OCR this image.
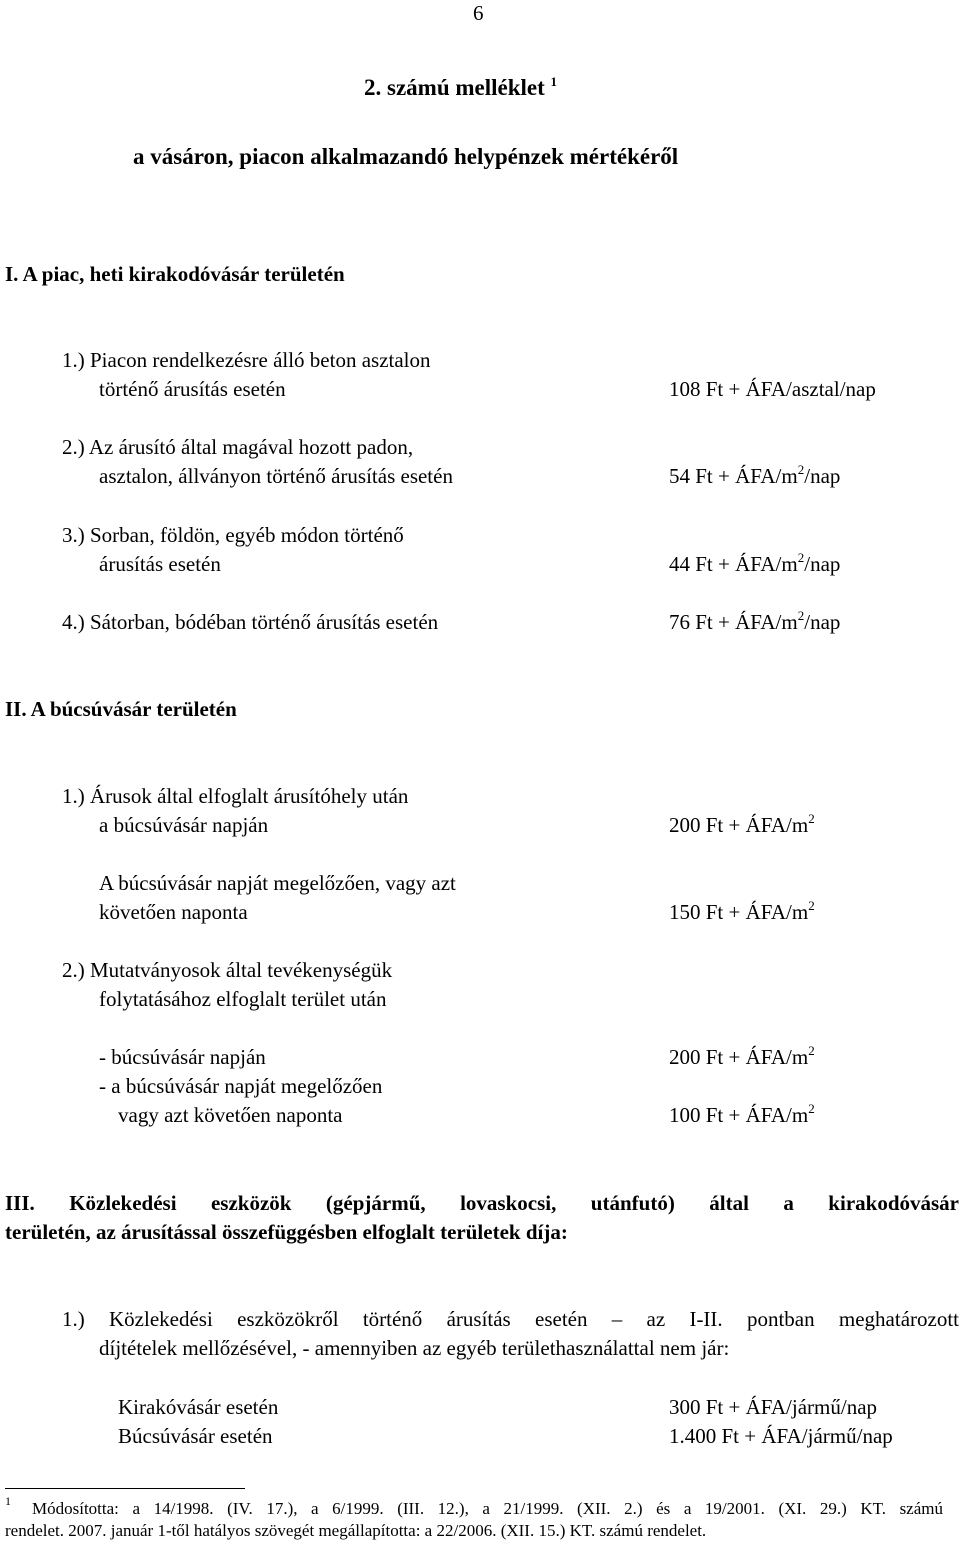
6
2. számú melléklet $^1$
a vásáron, piacon alkalmazandó helypénzek mértékéről
I. A piac, heti kirakodóvásár területén
1.) Piacon rendelkezésre álló beton asztalon
történő árusítás esetén	108 Ft + ÁFA/asztal/nap
2.) Az árusító által magával hozott padon,
asztalon, állványon történő árusítás esetén	54 Ft + ÁFA/$m^2$/nap
3.) Sorban, földön, egyéb módon történő
árusítás esetén	44 Ft + ÁFA/$m^2$/nap
4.) Sátorban, bódéban történő árusítás esetén	76 Ft + ÁFA/$m^2$/nap
II. A búcsúvásár területén
1.) Árusok által elfoglalt árusítóhely után
a búcsúvásár napján	200 Ft + ÁFA/$m^2$
A búcsúvásár napját megelőzően, vagy azt
követően naponta	150 Ft + ÁFA/$m^2$
2.) Mutatványosok által tevékenységük
folytatásához elfoglalt terület után
- búcsúvásár napján	200 Ft + ÁFA/$m^2$
- a búcsúvásár napját megelőzően
vagy azt követően naponta	100 Ft + ÁFA/$m^2$
III. Közlekedési eszközök (gépjármű, lovaskocsi, utánfutó) által a kirakodóvásár
területén, az árusítással összefüggésben elfoglalt területek díja:
1.) Közlekedési eszközökről történő árusítás esetén – az I-II. pontban meghatározott
díjtételek mellőzésével, - amennyiben az egyéb területhasználattal nem jár:
Kirakóvásár esetén	300 Ft + ÁFA/jármű/nap
Búcsúvásár esetén	1.400 Ft + ÁFA/jármű/nap
1 Módosította: a 14/1998. (IV. 17.), a 6/1999. (III. 12.), a 21/1999. (XII. 2.) és a 19/2001. (XI. 29.) KT. számú
rendelet. 2007. január 1-től hatályos szövegét megállapította: a 22/2006. (XII. 15.) KT. számú rendelet.
